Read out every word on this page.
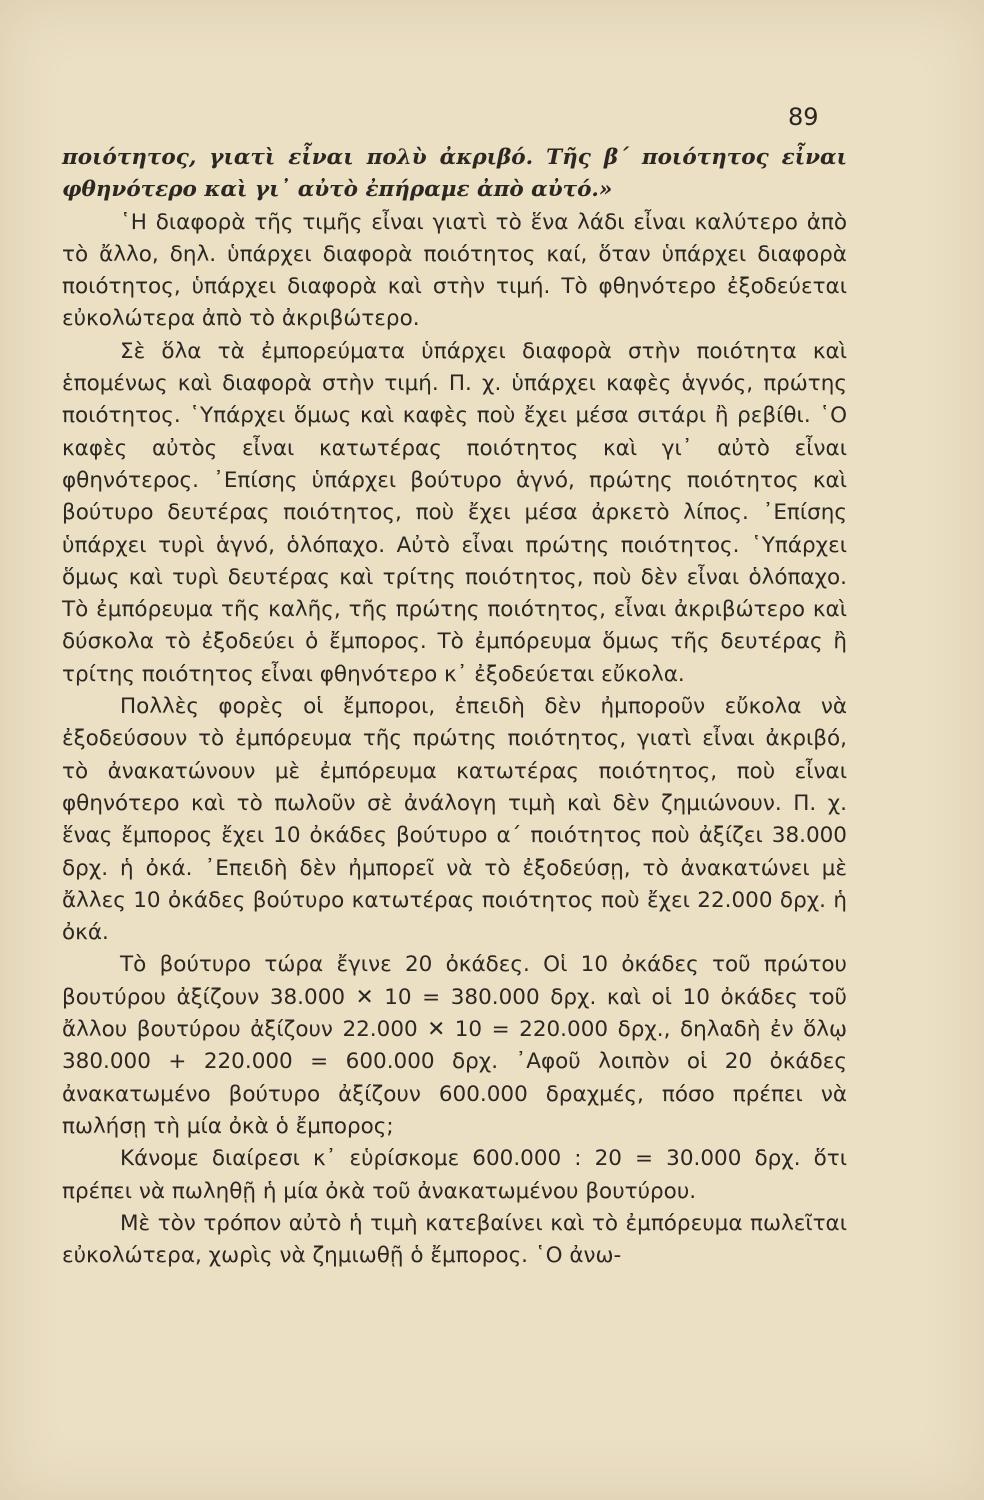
89

ποιότητος, γιατὶ εἶναι πολὺ ἀκριβό. Τῆς β΄ ποιότητος εἶναι φθηνότερο καὶ γι᾽ αὐτὸ ἐπήραμε ἀπὸ αὐτό.»

῾Η διαφορὰ τῆς τιμῆς εἶναι γιατὶ τὸ ἕνα λάδι εἶναι καλύτερο ἀπὸ τὸ ἄλλο, δηλ. ὑπάρχει διαφορὰ ποιότητος καί, ὅταν ὑπάρχει διαφορὰ ποιότητος, ὑπάρχει διαφορὰ καὶ στὴν τιμή. Τὸ φθηνότερο ἐξοδεύεται εὐκολώτερα ἀπὸ τὸ ἀκριβώτερο.

Σὲ ὅλα τὰ ἐμπορεύματα ὑπάρχει διαφορὰ στὴν ποιότητα καὶ ἑπομένως καὶ διαφορὰ στὴν τιμή. Π. χ. ὑπάρχει καφὲς ἁγνός, πρώτης ποιότητος. ῾Υπάρχει ὅμως καὶ καφὲς ποὺ ἔχει μέσα σιτάρι ἢ ρεβίθι. ῾Ο καφὲς αὐτὸς εἶναι κατωτέρας ποιότητος καὶ γι᾽ αὐτὸ εἶναι φθηνότερος. ᾿Επίσης ὑπάρχει βούτυρο ἁγνό, πρώτης ποιότητος καὶ βούτυρο δευτέρας ποιότητος, ποὺ ἔχει μέσα ἀρκετὸ λίπος. ᾿Επίσης ὑπάρχει τυρὶ ἁγνό, ὁλόπαχο. Αὐτὸ εἶναι πρώτης ποιότητος. ῾Υπάρχει ὅμως καὶ τυρὶ δευτέρας καὶ τρίτης ποιότητος, ποὺ δὲν εἶναι ὁλόπαχο. Τὸ ἐμπόρευμα τῆς καλῆς, τῆς πρώτης ποιότητος, εἶναι ἀκριβώτερο καὶ δύσκολα τὸ ἐξοδεύει ὁ ἔμπορος. Τὸ ἐμπόρευμα ὅμως τῆς δευτέρας ἢ τρίτης ποιότητος εἶναι φθηνότερο κ᾽ ἐξοδεύεται εὔκολα.

Πολλὲς φορὲς οἱ ἔμποροι, ἐπειδὴ δὲν ἠμποροῦν εὔκολα νὰ ἐξοδεύσουν τὸ ἐμπόρευμα τῆς πρώτης ποιότητος, γιατὶ εἶναι ἀκριβό, τὸ ἀνακατώνουν μὲ ἐμπόρευμα κατωτέρας ποιότητος, ποὺ εἶναι φθηνότερο καὶ τὸ πωλοῦν σὲ ἀνάλογη τιμὴ καὶ δὲν ζημιώνουν. Π. χ. ἕνας ἔμπορος ἔχει 10 ὀκάδες βούτυρο α΄ ποιότητος ποὺ ἀξίζει 38.000 δρχ. ἡ ὀκά. ᾿Επειδὴ δὲν ἠμπορεῖ νὰ τὸ ἐξοδεύσῃ, τὸ ἀνακατώνει μὲ ἄλλες 10 ὀκάδες βούτυρο κατωτέρας ποιότητος ποὺ ἔχει 22.000 δρχ. ἡ ὀκά.

Τὸ βούτυρο τώρα ἔγινε 20 ὀκάδες. Οἱ 10 ὀκάδες τοῦ πρώτου βουτύρου ἀξίζουν 38.000 ✕ 10 = 380.000 δρχ. καὶ οἱ 10 ὀκάδες τοῦ ἄλλου βουτύρου ἀξίζουν 22.000 ✕ 10 = 220.000 δρχ., δηλαδὴ ἐν ὅλῳ 380.000 + 220.000 = 600.000 δρχ. ᾿Αφοῦ λοιπὸν οἱ 20 ὀκάδες ἀνακατωμένο βούτυρο ἀξίζουν 600.000 δραχμές, πόσο πρέπει νὰ πωλήσῃ τὴ μία ὀκὰ ὁ ἔμπορος;

Κάνομε διαίρεσι κ᾽ εὑρίσκομε 600.000 : 20 = 30.000 δρχ. ὅτι πρέπει νὰ πωληθῇ ἡ μία ὀκὰ τοῦ ἀνακατωμένου βουτύρου.

Μὲ τὸν τρόπον αὐτὸ ἡ τιμὴ κατεβαίνει καὶ τὸ ἐμπόρευμα πωλεῖται εὐκολώτερα, χωρὶς νὰ ζημιωθῇ ὁ ἔμπορος. ῾Ο ἀνω-
